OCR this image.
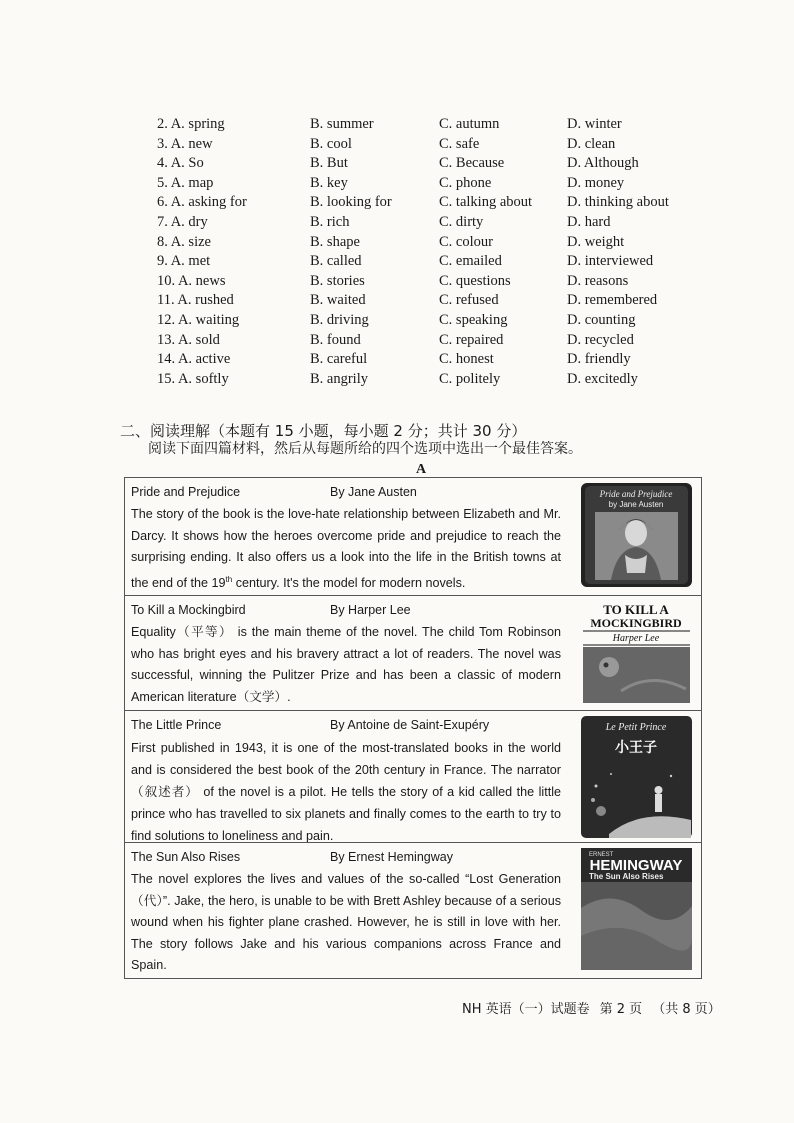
2. A. spring	B. summer	C. autumn	D. winter
3. A. new	B. cool	C. safe	D. clean
4. A. So	B. But	C. Because	D. Although
5. A. map	B. key	C. phone	D. money
6. A. asking for	B. looking for	C. talking about D. thinking about
7. A. dry	B. rich	C. dirty	D. hard
8. A. size	B. shape	C. colour	D. weight
9. A. met	B. called	C. emailed	D. interviewed
10. A. news	B. stories	C. questions	D. reasons
11. A. rushed	B. waited	C. refused	D. remembered
12. A. waiting	B. driving	C. speaking	D. counting
13. A. sold	B. found	C. repaired	D. recycled
14. A. active	B. careful	C. honest	D. friendly
15. A. softly	B. angrily	C. politely	D. excitedly
二、阅读理解（本题有 15 小题，每小题 2 分；共计 30 分）
阅读下面四篇材料，然后从每题所给的四个选项中选出一个最佳答案。
A
Pride and Prejudice	By Jane Austen
The story of the book is the love-hate relationship between Elizabeth and Mr. Darcy. It shows how the heroes overcome pride and prejudice to reach the surprising ending. It also offers us a look into the life in the British towns at the end of the 19th century. It's the model for modern novels.
Pride and Prejudice
by Jane Austen
To Kill a Mockingbird	By Harper Lee
Equality（平等） is the main theme of the novel. The child Tom Robinson who has bright eyes and his bravery attract a lot of readers. The novel was successful, winning the Pulitzer Prize and has been a classic of modern American literature（文学）.
TO KILL A
MOCKINGBIRD
Harper Lee
The Little Prince	By Antoine de Saint-Exupéry
First published in 1943, it is one of the most-translated books in the world and is considered the best book of the 20th century in France. The narrator（叙述者） of the novel is a pilot. He tells the story of a kid called the little prince who has travelled to six planets and finally comes to the earth to try to find solutions to loneliness and pain.
Le Petit Prince
小王子
The Sun Also Rises	By Ernest Hemingway
The novel explores the lives and values of the so-called “Lost Generation（代）”. Jake, the hero, is unable to be with Brett Ashley because of a serious wound when his fighter plane crashed. However, he is still in love with her. The story follows Jake and his various companions across France and Spain.
ERNEST
HEMINGWAY
The Sun Also Rises
NH 英语（一）试题卷 第 2 页 （共 8 页）
